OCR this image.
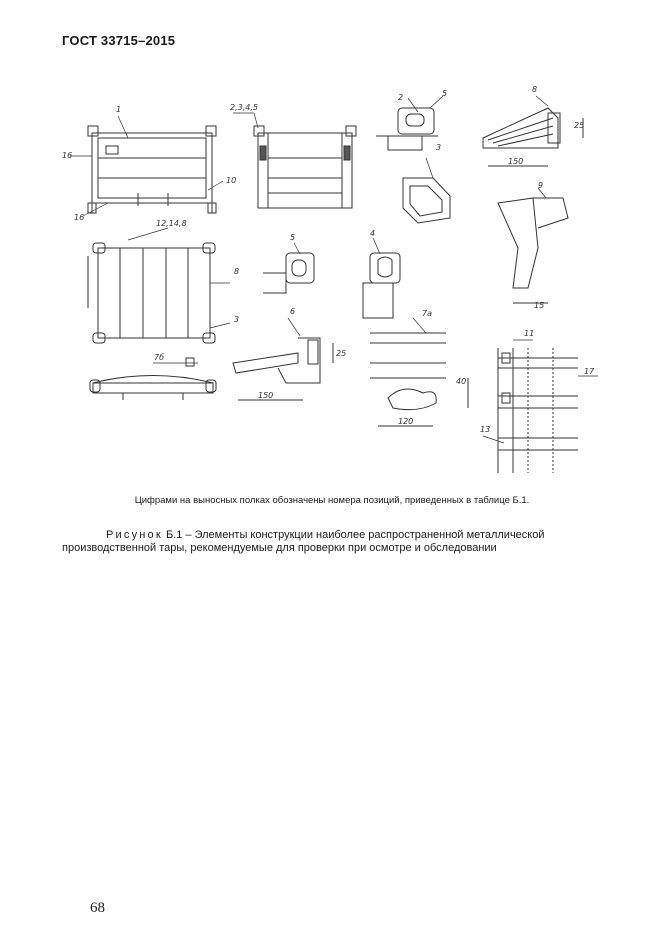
ГОСТ 33715–2015
1	2,3,4,5
2	5	8
25
150
16
10
16
3
9
12,14,8
8
3
5	4
15
6	7а
25
150
7б
40
120
11
17
13
Цифрами на выносных полках обозначены номера позиций, приведенных в таблице Б.1.
Рисунок Б.1 – Элементы конструкции наиболее распространенной металлической производственной тары, рекомендуемые для проверки при осмотре и обследовании
68
